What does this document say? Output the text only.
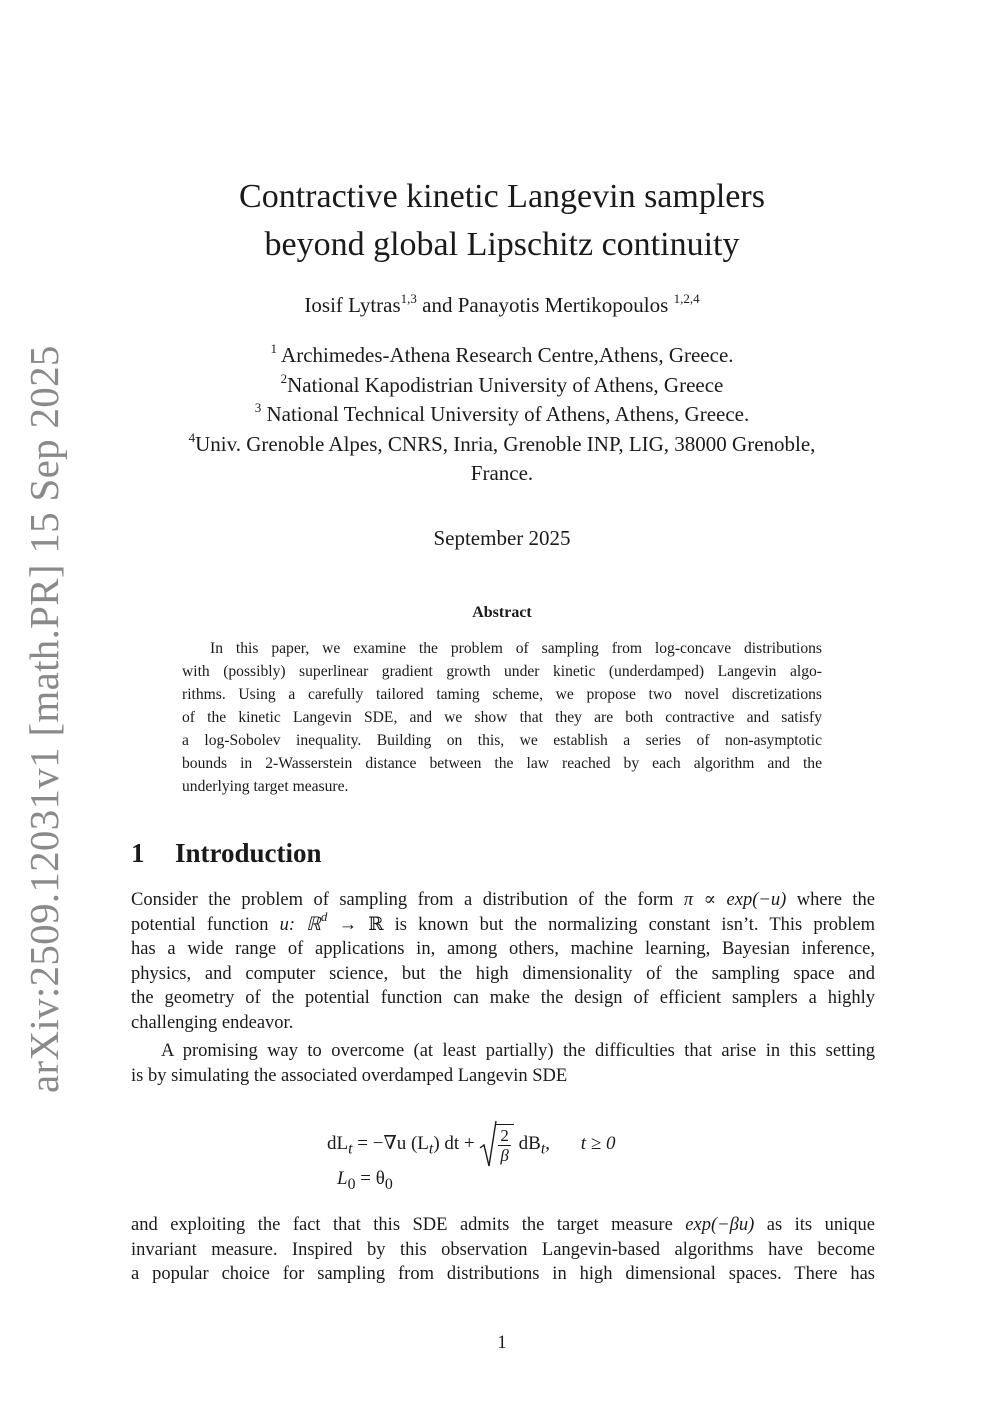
arXiv:2509.12031v1 [math.PR] 15 Sep 2025
Contractive kinetic Langevin samplers
beyond global Lipschitz continuity
Iosif Lytras$^{1,3}$ and Panayotis Mertikopoulos $^{1,2,4}$
$^1$ Archimedes-Athena Research Centre,Athens, Greece.
$^2$National Kapodistrian University of Athens, Greece
$^3$ National Technical University of Athens, Athens, Greece.
$^4$Univ. Grenoble Alpes, CNRS, Inria, Grenoble INP, LIG, 38000 Grenoble,
France.
September 2025
Abstract
In this paper, we examine the problem of sampling from log-concave distributions
with (possibly) superlinear gradient growth under kinetic (underdamped) Langevin algo-
rithms. Using a carefully tailored taming scheme, we propose two novel discretizations
of the kinetic Langevin SDE, and we show that they are both contractive and satisfy
a log-Sobolev inequality. Building on this, we establish a series of non-asymptotic
bounds in 2-Wasserstein distance between the law reached by each algorithm and the
underlying target measure.
1 Introduction
Consider the problem of sampling from a distribution of the form π ∝ exp(−u) where the
potential function u: ℝ$^d$ → ℝ is known but the normalizing constant isn’t. This problem
has a wide range of applications in, among others, machine learning, Bayesian inference,
physics, and computer science, but the high dimensionality of the sampling space and
the geometry of the potential function can make the design of efficient samplers a highly
challenging endeavor.
A promising way to overcome (at least partially) the difficulties that arise in this setting
is by simulating the associated overdamped Langevin SDE
$dL_t = -\nabla u$ $(L_t)$ dt + $\frac{2}{\beta} dB_t$, t ≥ 0
$L_0 = \theta_0$
and exploiting the fact that this SDE admits the target measure exp(−βu) as its unique
invariant measure. Inspired by this observation Langevin-based algorithms have become
a popular choice for sampling from distributions in high dimensional spaces. There has
1
